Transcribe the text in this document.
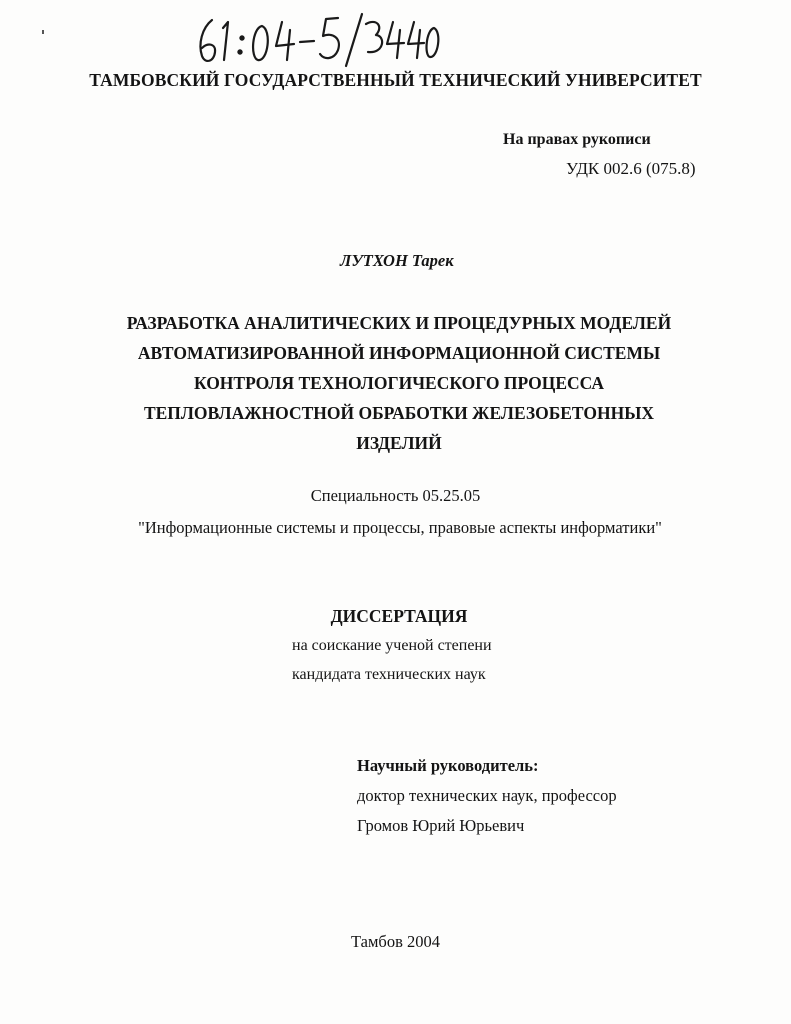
ТАМБОВСКИЙ ГОСУДАРСТВЕННЫЙ ТЕХНИЧЕСКИЙ УНИВЕРСИТЕТ
На правах рукописи
УДК 002.6 (075.8)
ЛУТХОН Тарек
РАЗРАБОТКА АНАЛИТИЧЕСКИХ И ПРОЦЕДУРНЫХ МОДЕЛЕЙ
АВТОМАТИЗИРОВАННОЙ ИНФОРМАЦИОННОЙ СИСТЕМЫ
КОНТРОЛЯ ТЕХНОЛОГИЧЕСКОГО ПРОЦЕССА
ТЕПЛОВЛАЖНОСТНОЙ ОБРАБОТКИ ЖЕЛЕЗОБЕТОННЫХ
ИЗДЕЛИЙ
Специальность 05.25.05
"Информационные системы и процессы, правовые аспекты информатики"
ДИССЕРТАЦИЯ
на соискание ученой степени
кандидата технических наук
Научный руководитель:
доктор технических наук, профессор
Громов Юрий Юрьевич
Тамбов 2004
